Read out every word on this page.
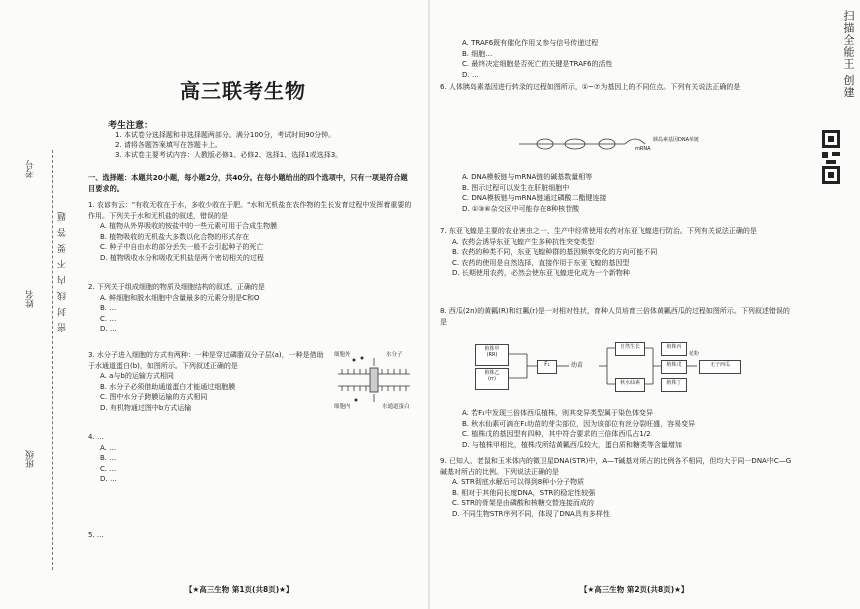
考号
姓名
班级
密 封 线 内 不 要 答 题
高三联考生物
考生注意：
1. 本试卷分选择题和非选择题两部分。满分100分，考试时间90分钟。
2. 请将各题答案填写在答题卡上。
3. 本试卷主要考试内容：人教版必修1、必修2、选择1、选择1或选择3。
一、选择题：本题共20小题，每小题2分，共40分。在每小题给出的四个选项中，只有一项是符合题目要求的。
1. 农谚有云："有收无收在于水，多收少收在于肥。"水和无机盐在农作物的生长发育过程中发挥着重要的作用。下列关于水和无机盐的叙述，错误的是
A. 植物从外界吸收的铵盐中的一些元素可用于合成生物膜
B. 植物吸收的无机盐大多数以化合物的形式存在
C. 种子中自由水的部分丢失一般不会引起种子的死亡
D. 植物吸收水分和吸收无机盐是两个密切相关的过程
2. 下列关于组成细胞的物质及细胞结构的叙述，正确的是
A. 鲜细胞和脱水细胞中含量最多的元素分别是C和O
B. …
C. …
D. …
3. 水分子进入细胞的方式有两种：一种是穿过磷脂双分子层(a)，一种是借助于水通道蛋白(b)，如图所示。下列叙述正确的是
A. a与b的运输方式相同
B. 水分子必须借助通道蛋白才能通过细胞膜
C. 图中水分子跨膜运输的方式相同
D. 有机物通过图中b方式运输
水分子
细胞外
细胞内	水通道蛋白
4. …
A. …
B. …
C. …
D. …
5. …
【★高三生物 第1页(共8页)★】
A. TRAF6既有催化作用又参与信号传递过程
B. 细胞…
C. 最终决定细胞是否死亡的关键是TRAF6的活性
D. …
6. 人体胰岛素基因进行转录的过程如图所示，①~⑦为基因上的不同位点。下列有关说法正确的是
胰岛素基因DNA单链
mRNA
A. DNA模板链与mRNA链的碱基数量相等
B. 图示过程可以发生在肝脏细胞中
C. DNA模板链与mRNA链通过磷酸二酯键连接
D. ①③⑥杂交区中可能存在8种核苷酸
7. 东亚飞蝗是主要的农业害虫之一，生产中经常使用农药对东亚飞蝗进行防治。下列有关说法正确的是
A. 农药会诱导东亚飞蝗产生多种抗性突变类型
B. 农药的种类不同，东亚飞蝗种群的基因频率变化的方向可能不同
C. 农药的使用是自然选择，直接作用于东亚飞蝗的基因型
D. 长期使用农药，必然会使东亚飞蝗进化成为一个新物种
8. 西瓜(2n)的黄瓤(R)和红瓤(r)是一对相对性状，育种人员培育三倍体黄瓤西瓜的过程如图所示。下列叙述错误的是
植株甲
(RR)
植株乙
(rr)
F₁	幼苗
自然生长
秋水仙素
植株丙
植株戊
植株丁
花粉
无子西瓜
A. 若F₁中发现三倍体西瓜植株，则其变异类型属于染色体变异
B. 秋水仙素可滴在F₁幼苗的芽尖部位，因为该部位有丝分裂旺盛，容易变异
C. 植株戊的基因型有四种，其中符合要求的三倍体西瓜占1/2
D. 与植株甲相比，植株戊所结黄瓤西瓜较大，蛋白质和糖类等含量增加
9. 已知人、老鼠和玉米体内的微卫星DNA(STR)中，A—T碱基对所占的比例各不相同，但均大于同一DNA中C—G碱基对所占的比例。下列说法正确的是
A. STR彻底水解后可以得到8种小分子物质
B. 相对于其他同长度DNA，STR的稳定性较强
C. STR的骨架是由磷酸和核糖交替连接而成的
D. 不同生物STR序列不同，体现了DNA具有多样性
【★高三生物 第2页(共8页)★】
扫描全能王 创建
